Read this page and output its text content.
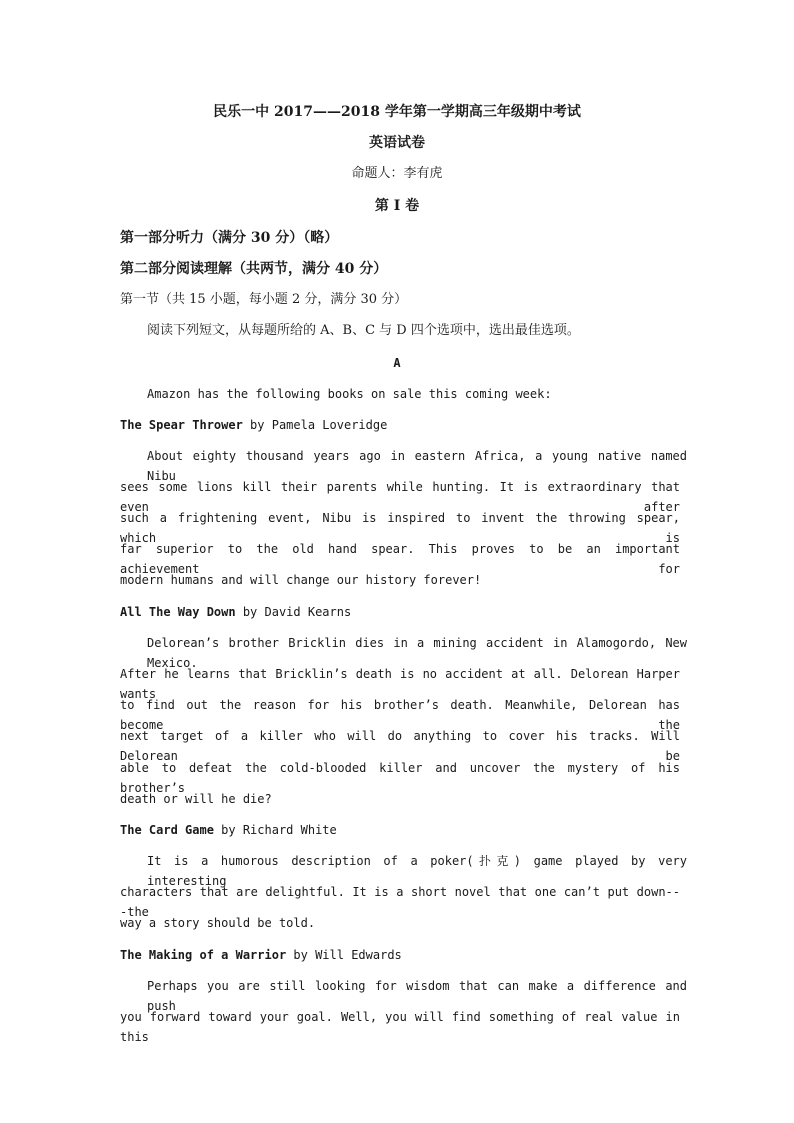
民乐一中 2017——2018 学年第一学期高三年级期中考试
英语试卷
命题人：李有虎
第 I 卷
第一部分听力（满分 30 分）（略）
第二部分阅读理解（共两节，满分 40 分）
第一节（共 15 小题，每小题 2 分，满分 30 分）
阅读下列短文，从每题所给的 A、B、C 与 D 四个选项中，选出最佳选项。
A
Amazon has the following books on sale this coming week:
The Spear Thrower by Pamela Loveridge
About eighty thousand years ago in eastern Africa, a young native named Nibu
sees some lions kill their parents while hunting. It is extraordinary that even after
such a frightening event, Nibu is inspired to invent the throwing spear, which is
far superior to the old hand spear. This proves to be an important achievement for
modern humans and will change our history forever!
All The Way Down by David Kearns
Delorean’s brother Bricklin dies in a mining accident in Alamogordo, New Mexico.
After he learns that Bricklin’s death is no accident at all. Delorean Harper wants
to find out the reason for his brother’s death. Meanwhile, Delorean has become the
next target of a killer who will do anything to cover his tracks. Will Delorean be
able to defeat the cold-blooded killer and uncover the mystery of his brother’s
death or will he die?
The Card Game by Richard White
It is a humorous description of a poker(扑克) game played by very interesting
characters that are delightful. It is a short novel that one can’t put down---the
way a story should be told.
The Making of a Warrior by Will Edwards
Perhaps you are still looking for wisdom that can make a difference and push
you forward toward your goal. Well, you will find something of real value in this
